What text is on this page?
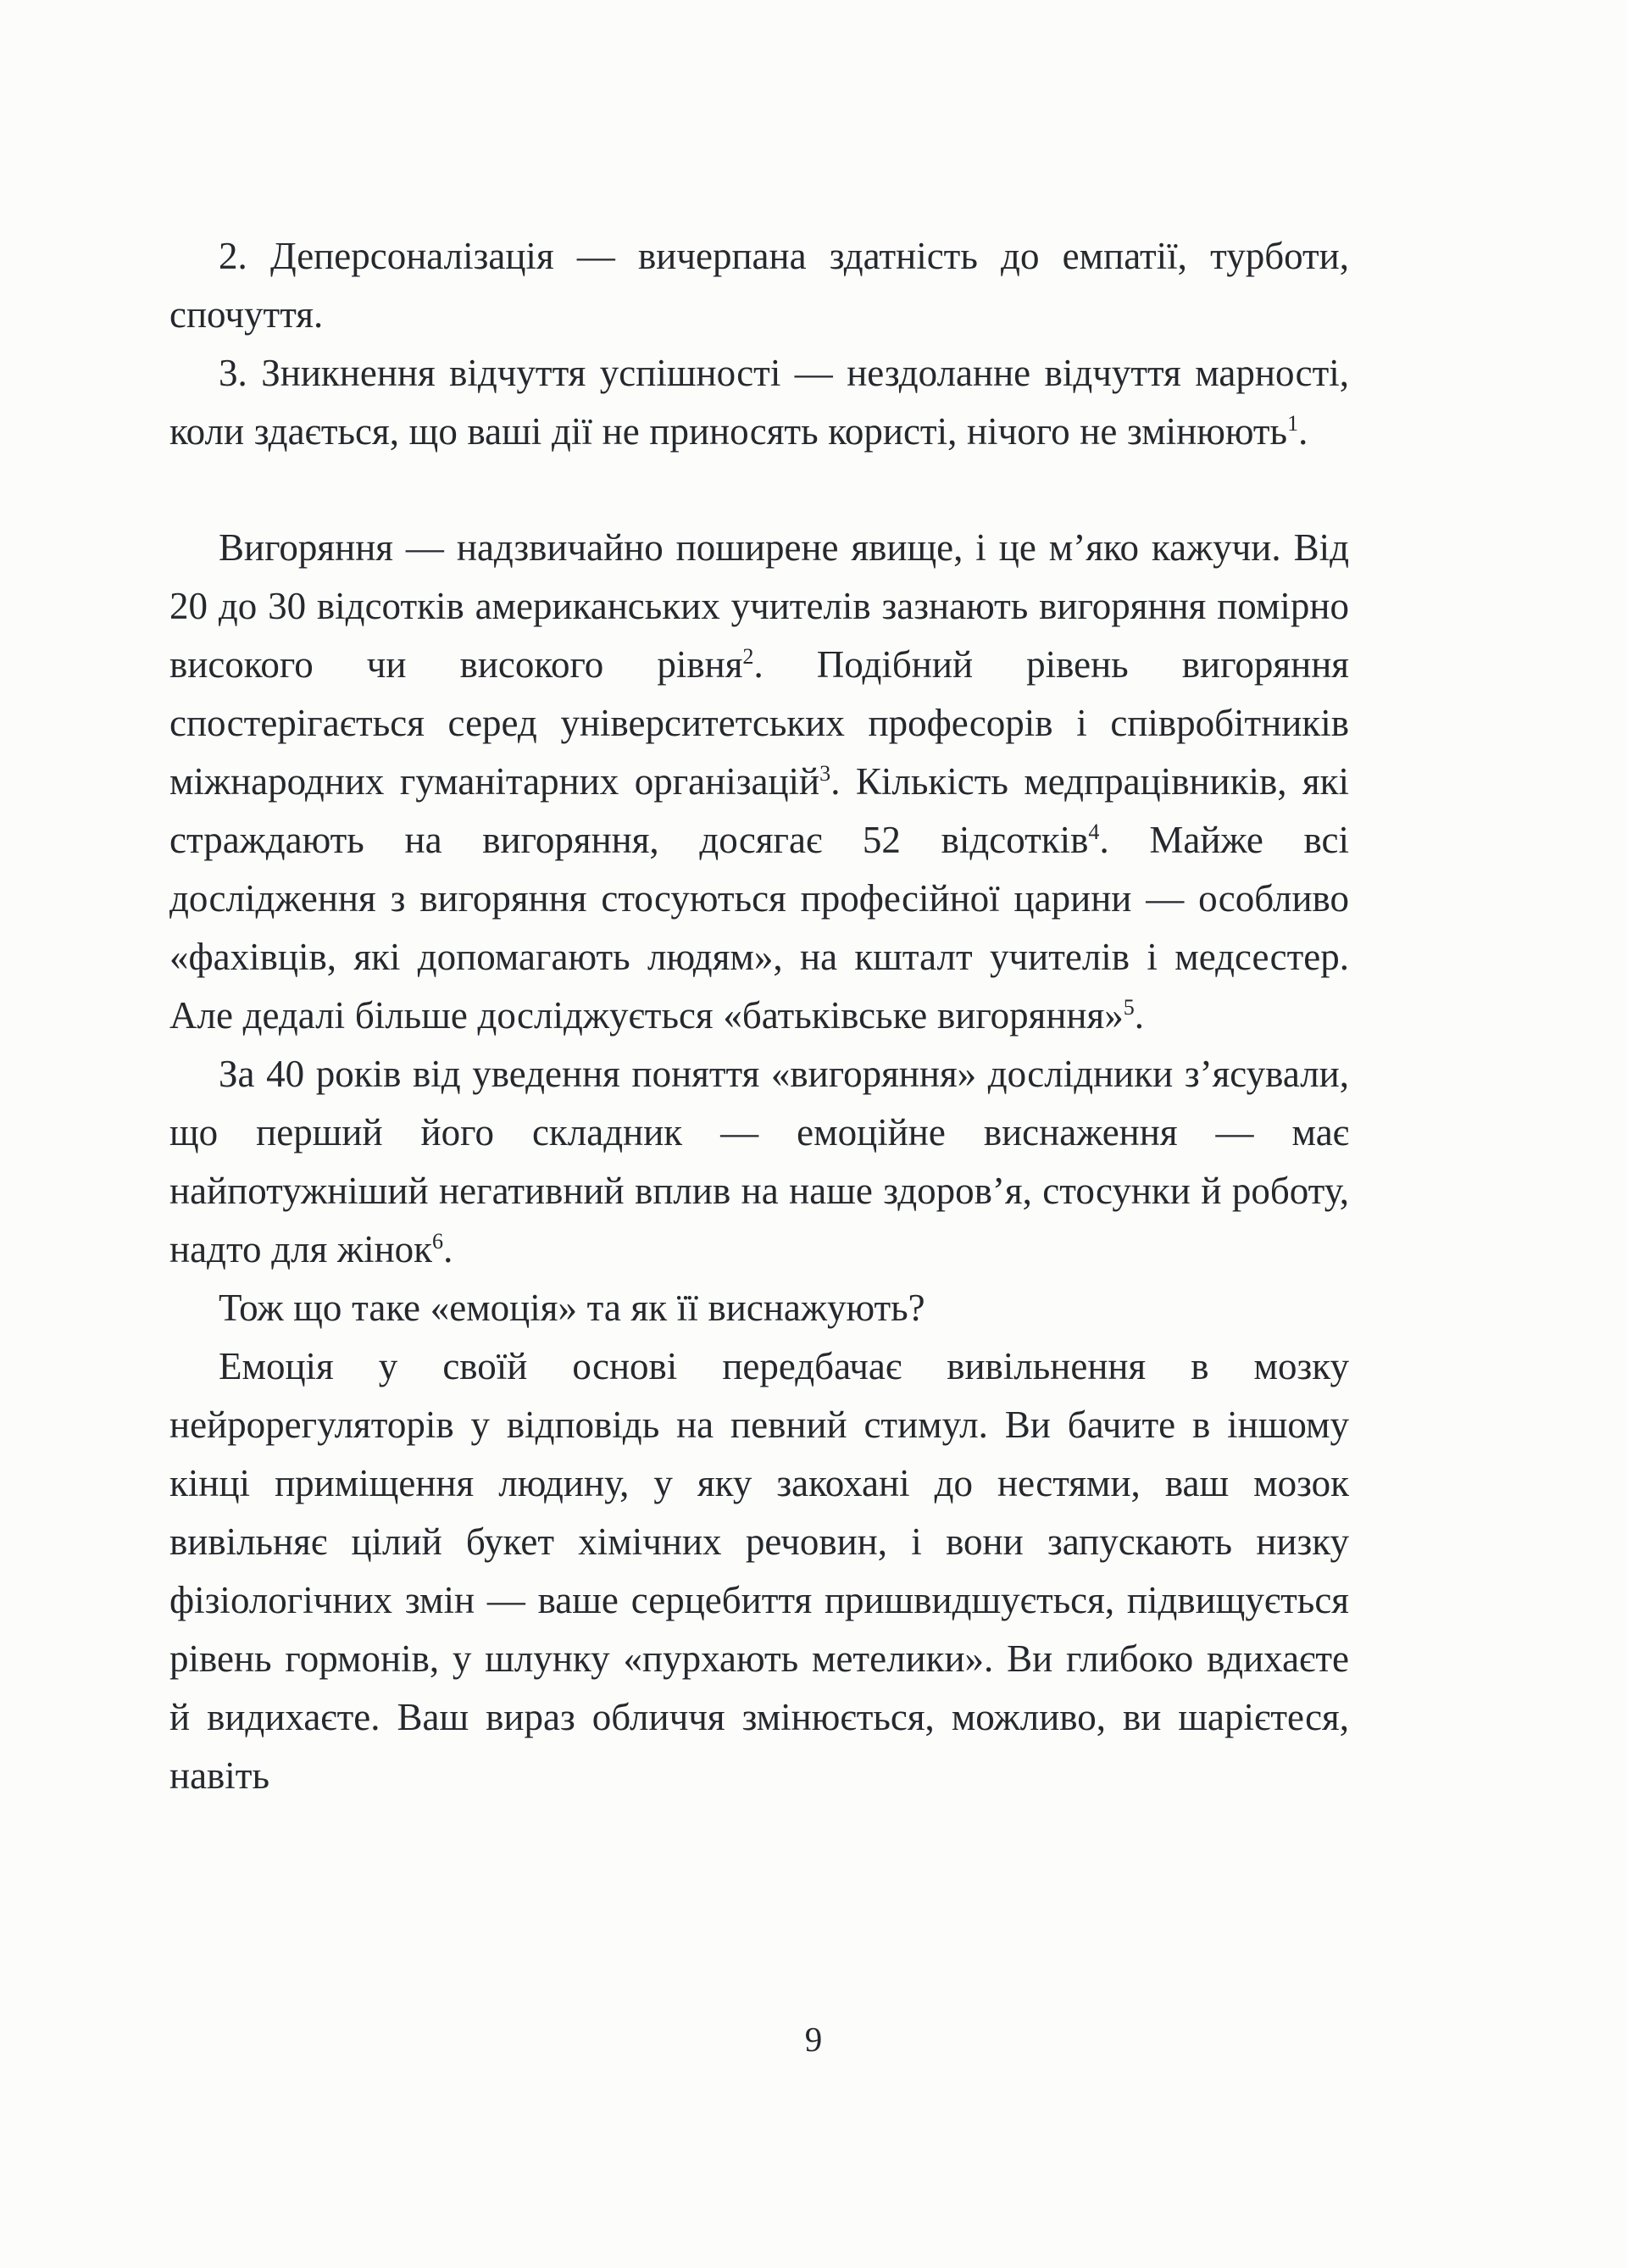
2. Деперсоналізація — вичерпана здатність до емпатії, турботи, спочуття.

3. Зникнення відчуття успішності — нездоланне відчуття марності, коли здається, що ваші дії не приносять користі, нічого не змінюють$^1$.

Вигоряння — надзвичайно поширене явище, і це м’яко кажучи. Від 20 до 30 відсотків американських учителів зазнають вигоряння помірно високого чи високого рівня$^2$. Подібний рівень вигоряння спостерігається серед університетських професорів і співробітників міжнародних гуманітарних організацій$^3$. Кількість медпрацівників, які страждають на вигоряння, досягає 52 відсотків$^4$. Майже всі дослідження з вигоряння стосуються професійної царини — особливо «фахівців, які допомагають людям», на кшталт учителів і медсестер. Але дедалі більше досліджується «батьківське вигоряння»$^5$.

За 40 років від уведення поняття «вигоряння» дослідники з’ясували, що перший його складник — емоційне виснаження — має найпотужніший негативний вплив на наше здоров’я, стосунки й роботу, надто для жінок$^6$.

Тож що таке «емоція» та як її виснажують?

Емоція у своїй основі передбачає вивільнення в мозку нейрорегуляторів у відповідь на певний стимул. Ви бачите в іншому кінці приміщення людину, у яку закохані до нестями, ваш мозок вивільняє цілий букет хімічних речовин, і вони запускають низку фізіологічних змін — ваше серцебиття пришвидшується, підвищується рівень гормонів, у шлунку «пурхають метелики». Ви глибоко вдихаєте й видихаєте. Ваш вираз обличчя змінюється, можливо, ви шарієтеся, навіть

9
